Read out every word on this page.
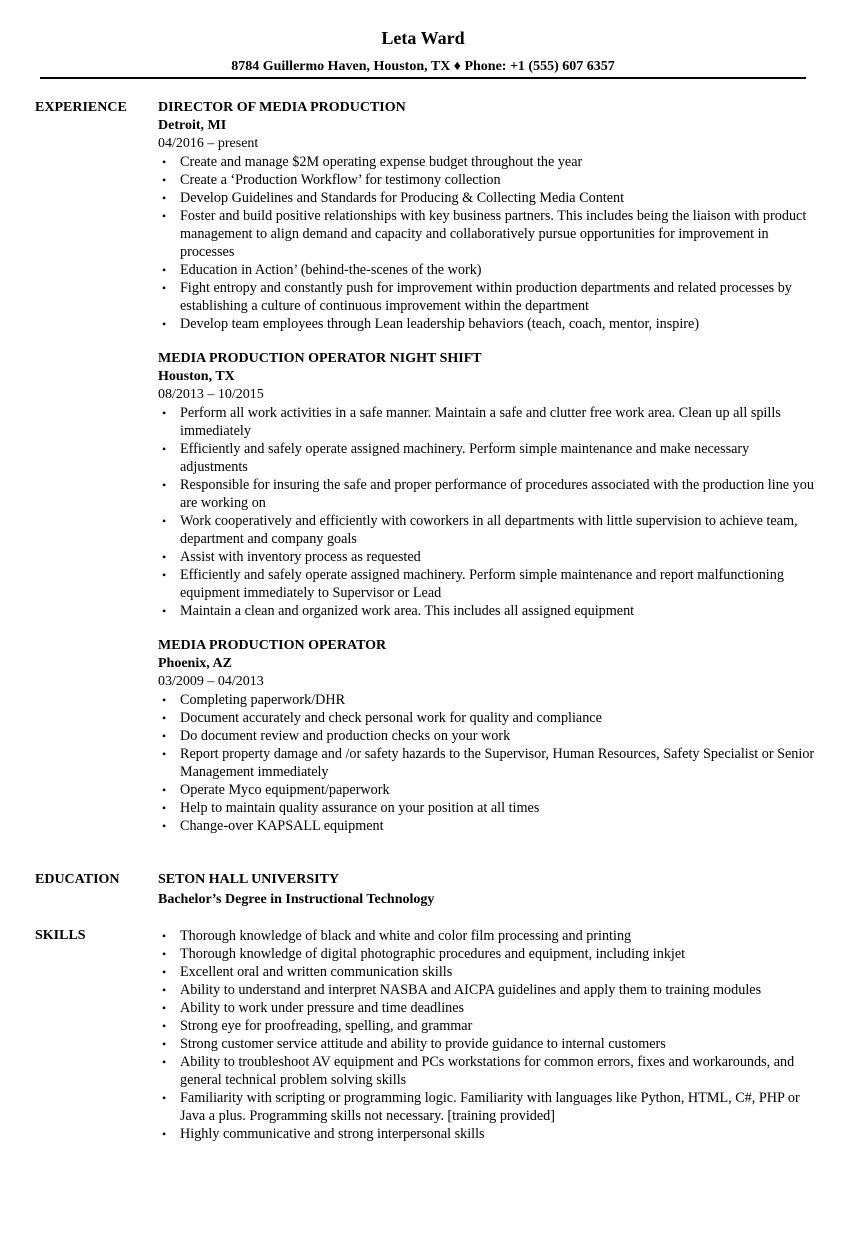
Leta Ward
8784 Guillermo Haven, Houston, TX ♦ Phone: +1 (555) 607 6357
EXPERIENCE DIRECTOR OF MEDIA PRODUCTION
Detroit, MI
04/2016 – present
• Create and manage $2M operating expense budget throughout the year
• Create a ‘Production Workflow’ for testimony collection
• Develop Guidelines and Standards for Producing & Collecting Media Content
• Foster and build positive relationships with key business partners. This includes being the liaison with product management to align demand and capacity and collaboratively pursue opportunities for improvement in processes
• Education in Action’ (behind-the-scenes of the work)
• Fight entropy and constantly push for improvement within production departments and related processes by establishing a culture of continuous improvement within the department
• Develop team employees through Lean leadership behaviors (teach, coach, mentor, inspire)
MEDIA PRODUCTION OPERATOR NIGHT SHIFT
Houston, TX
08/2013 – 10/2015
• Perform all work activities in a safe manner. Maintain a safe and clutter free work area. Clean up all spills immediately
• Efficiently and safely operate assigned machinery. Perform simple maintenance and make necessary adjustments
• Responsible for insuring the safe and proper performance of procedures associated with the production line you are working on
• Work cooperatively and efficiently with coworkers in all departments with little supervision to achieve team, department and company goals
• Assist with inventory process as requested
• Efficiently and safely operate assigned machinery. Perform simple maintenance and report malfunctioning equipment immediately to Supervisor or Lead
• Maintain a clean and organized work area. This includes all assigned equipment
MEDIA PRODUCTION OPERATOR
Phoenix, AZ
03/2009 – 04/2013
• Completing paperwork/DHR
• Document accurately and check personal work for quality and compliance
• Do document review and production checks on your work
• Report property damage and /or safety hazards to the Supervisor, Human Resources, Safety Specialist or Senior Management immediately
• Operate Myco equipment/paperwork
• Help to maintain quality assurance on your position at all times
• Change-over KAPSALL equipment
EDUCATION	SETON HALL UNIVERSITY
Bachelor’s Degree in Instructional Technology
SKILLS	• Thorough knowledge of black and white and color film processing and printing
• Thorough knowledge of digital photographic procedures and equipment, including inkjet
• Excellent oral and written communication skills
• Ability to understand and interpret NASBA and AICPA guidelines and apply them to training modules
• Ability to work under pressure and time deadlines
• Strong eye for proofreading, spelling, and grammar
• Strong customer service attitude and ability to provide guidance to internal customers
• Ability to troubleshoot AV equipment and PCs workstations for common errors, fixes and workarounds, and general technical problem solving skills
• Familiarity with scripting or programming logic. Familiarity with languages like Python, HTML, C#, PHP or Java a plus. Programming skills not necessary. [training provided]
• Highly communicative and strong interpersonal skills
